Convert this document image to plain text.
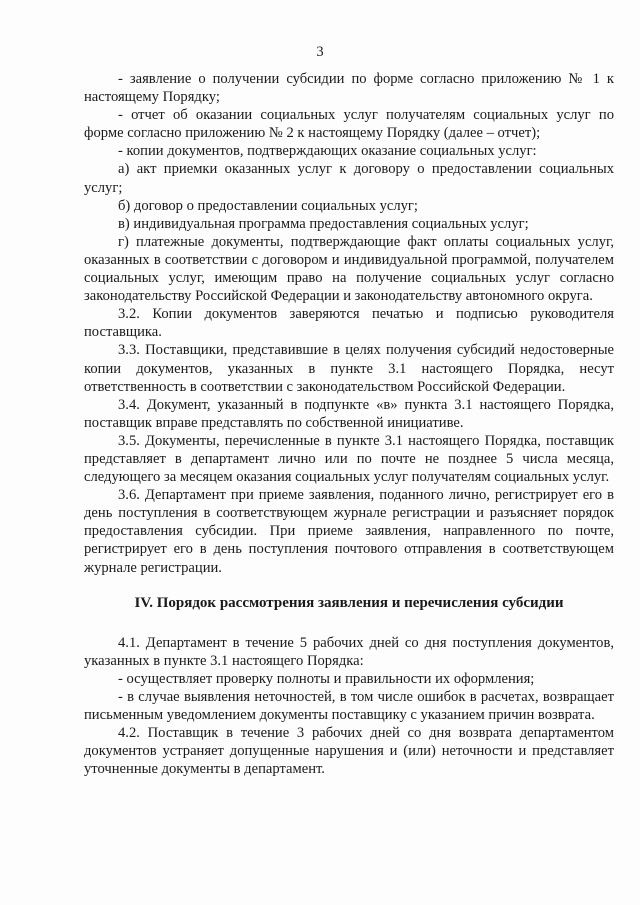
3

- заявление о получении субсидии по форме согласно приложению № 1 к настоящему Порядку;

- отчет об оказании социальных услуг получателям социальных услуг по форме согласно приложению № 2 к настоящему Порядку (далее – отчет);

- копии документов, подтверждающих оказание социальных услуг:

а) акт приемки оказанных услуг к договору о предоставлении социальных услуг;

б) договор о предоставлении социальных услуг;

в) индивидуальная программа предоставления социальных услуг;

г) платежные документы, подтверждающие факт оплаты социальных услуг, оказанных в соответствии с договором и индивидуальной программой, получателем социальных услуг, имеющим право на получение социальных услуг согласно законодательству Российской Федерации и законодательству автономного округа.

3.2. Копии документов заверяются печатью и подписью руководителя поставщика.

3.3. Поставщики, представившие в целях получения субсидий недостоверные копии документов, указанных в пункте 3.1 настоящего Порядка, несут ответственность в соответствии с законодательством Российской Федерации.

3.4. Документ, указанный в подпункте «в» пункта 3.1 настоящего Порядка, поставщик вправе представлять по собственной инициативе.

3.5. Документы, перечисленные в пункте 3.1 настоящего Порядка, поставщик представляет в департамент лично или по почте не позднее 5 числа месяца, следующего за месяцем оказания социальных услуг получателям социальных услуг.

3.6. Департамент при приеме заявления, поданного лично, регистрирует его в день поступления в соответствующем журнале регистрации и разъясняет порядок предоставления субсидии. При приеме заявления, направленного по почте, регистрирует его в день поступления почтового отправления в соответствующем журнале регистрации.

IV. Порядок рассмотрения заявления и перечисления субсидии

4.1. Департамент в течение 5 рабочих дней со дня поступления документов, указанных в пункте 3.1 настоящего Порядка:

- осуществляет проверку полноты и правильности их оформления;

- в случае выявления неточностей, в том числе ошибок в расчетах, возвращает письменным уведомлением документы поставщику с указанием причин возврата.

4.2. Поставщик в течение 3 рабочих дней со дня возврата департаментом документов устраняет допущенные нарушения и (или) неточности и представляет уточненные документы в департамент.
